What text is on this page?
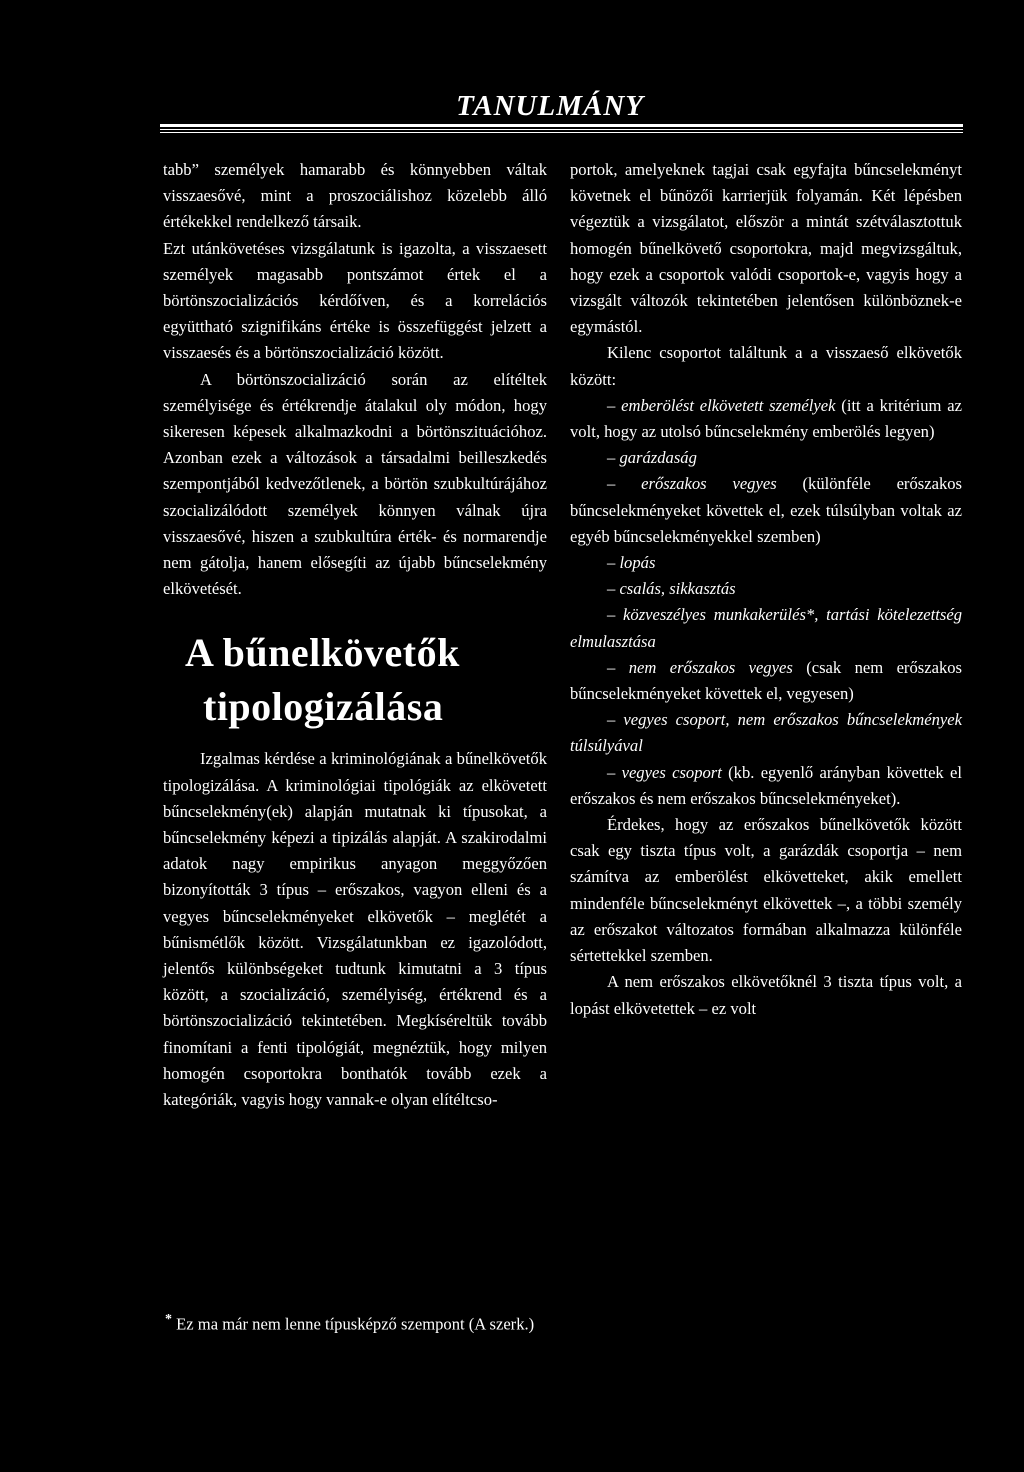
TANULMÁNY

tabb” személyek hamarabb és könnyebben váltak visszaesővé, mint a proszociálishoz közelebb álló értékekkel rendelkező társaik.

Ezt utánkövetéses vizsgálatunk is igazolta, a visszaesett személyek magasabb pontszámot értek el a börtönszocializációs kérdőíven, és a korrelációs együttható szignifikáns értéke is összefüggést jelzett a visszaesés és a börtönszocializáció között.

A börtönszocializáció során az elítéltek személyisége és értékrendje átalakul oly módon, hogy sikeresen képesek alkalmazkodni a börtönszituációhoz. Azonban ezek a változások a társadalmi beilleszkedés szempontjából kedvezőtlenek, a börtön szubkultúrájához szocializálódott személyek könnyen válnak újra visszaesővé, hiszen a szubkultúra érték- és normarendje nem gátolja, hanem elősegíti az újabb bűncselekmény elkövetését.

A bűnelkövetők
tipologizálása

Izgalmas kérdése a kriminológiának a bűnelkövetők tipologizálása. A kriminológiai tipológiák az elkövetett bűncselekmény(ek) alapján mutatnak ki típusokat, a bűncselekmény képezi a tipizálás alapját. A szakirodalmi adatok nagy empirikus anyagon meggyőzően bizonyították 3 típus – erőszakos, vagyon elleni és a vegyes bűncselekményeket elkövetők – meglétét a bűnismétlők között. Vizsgálatunkban ez igazolódott, jelentős különbségeket tudtunk kimutatni a 3 típus között, a szocializáció, személyiség, értékrend és a börtönszocializáció tekintetében. Megkíséreltük tovább finomítani a fenti tipológiát, megnéztük, hogy milyen homogén csoportokra bonthatók tovább ezek a kategóriák, vagyis hogy vannak-e olyan elítéltcso-

portok, amelyeknek tagjai csak egyfajta bűncselekményt követnek el bűnözői karrierjük folyamán. Két lépésben végeztük a vizsgálatot, először a mintát szétválasztottuk homogén bűnelkövető csoportokra, majd megvizsgáltuk, hogy ezek a csoportok valódi csoportok-e, vagyis hogy a vizsgált változók tekintetében jelentősen különböznek-e egymástól.

Kilenc csoportot találtunk a a visszaeső elkövetők között:

– emberölést elkövetett személyek (itt a kritérium az volt, hogy az utolsó bűncselekmény emberölés legyen)

– garázdaság

– erőszakos vegyes (különféle erőszakos bűncselekményeket követtek el, ezek túlsúlyban voltak az egyéb bűncselekményekkel szemben)

– lopás

– csalás, sikkasztás

– közveszélyes munkakerülés*, tartási kötelezettség elmulasztása

– nem erőszakos vegyes (csak nem erőszakos bűncselekményeket követtek el, vegyesen)

– vegyes csoport, nem erőszakos bűncselekmények túlsúlyával

– vegyes csoport (kb. egyenlő arányban követtek el erőszakos és nem erőszakos bűncselekményeket).

Érdekes, hogy az erőszakos bűnelkövetők között csak egy tiszta típus volt, a garázdák csoportja – nem számítva az emberölést elkövetteket, akik emellett mindenféle bűncselekményt elkövettek –, a többi személy az erőszakot változatos formában alkalmazza különféle sértettekkel szemben.

A nem erőszakos elkövetőknél 3 tiszta típus volt, a lopást elkövetettek – ez volt

* Ez ma már nem lenne típusképző szempont (A szerk.)
